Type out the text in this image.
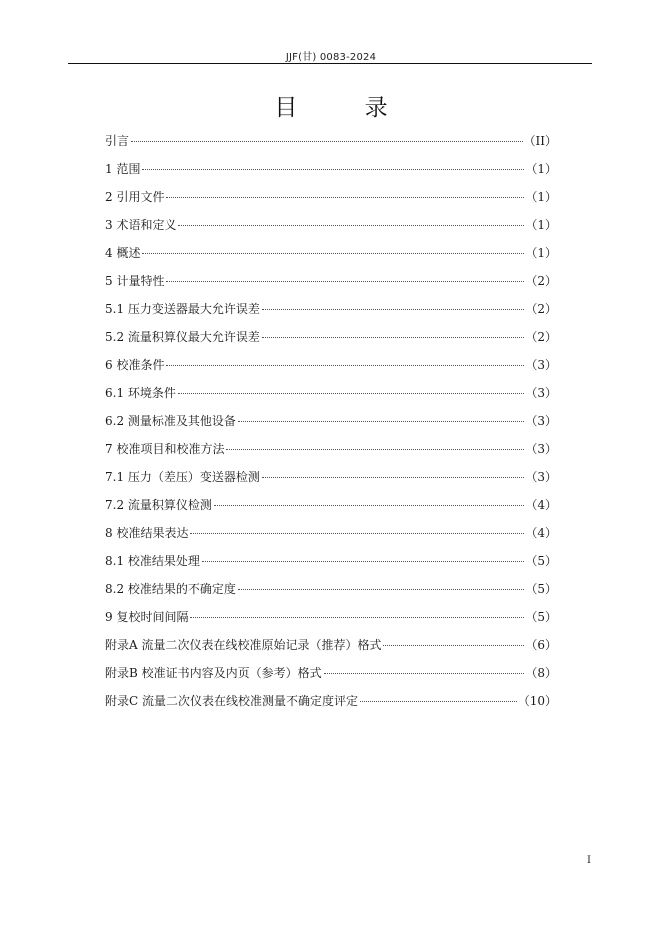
JJF(甘) 0083-2024
目 录
引言	（II）
1 范围	（1）
2 引用文件	（1）
3 术语和定义	（1）
4 概述	（1）
5 计量特性	（2）
5.1 压力变送器最大允许误差	（2）
5.2 流量积算仪最大允许误差	（2）
6 校准条件	（3）
6.1 环境条件	（3）
6.2 测量标准及其他设备	（3）
7 校准项目和校准方法	（3）
7.1 压力（差压）变送器检测	（3）
7.2 流量积算仪检测	（4）
8 校准结果表达	（4）
8.1 校准结果处理	（5）
8.2 校准结果的不确定度	（5）
9 复校时间间隔	（5）
附录A 流量二次仪表在线校准原始记录（推荐）格式	（6）
附录B 校准证书内容及内页（参考）格式	（8）
附录C 流量二次仪表在线校准测量不确定度评定	（10）
I
